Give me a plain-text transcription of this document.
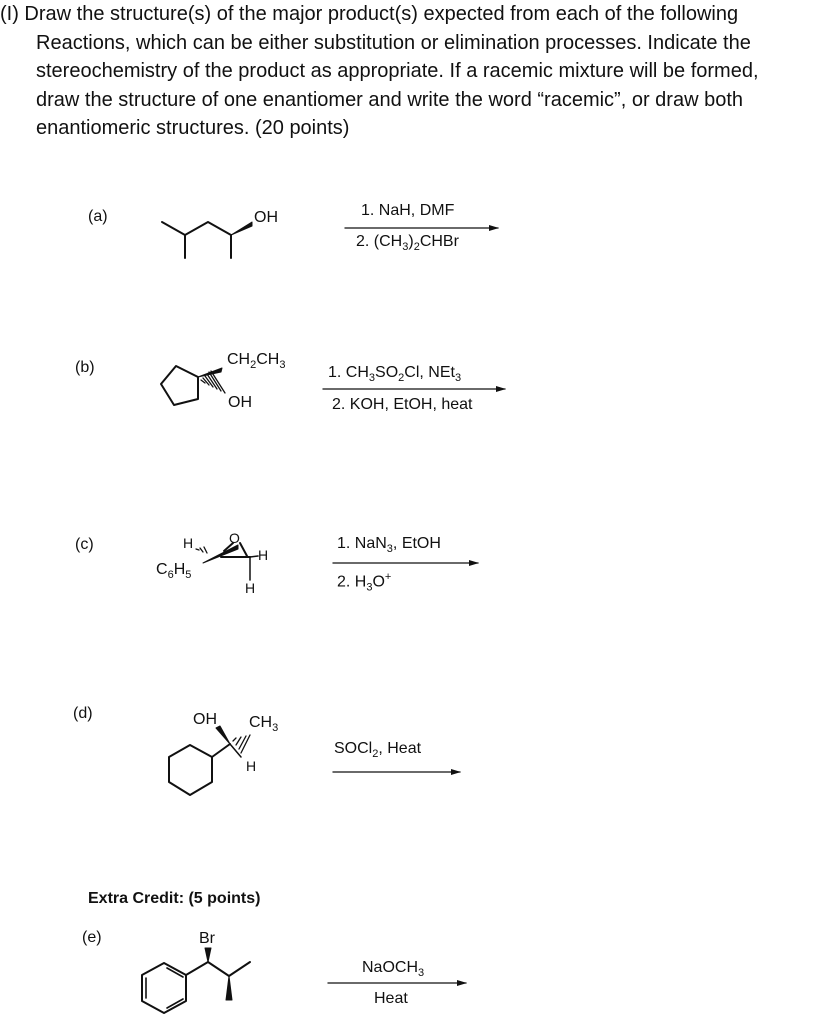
(I) Draw the structure(s) of the major product(s) expected from each of the following
Reactions, which can be either substitution or elimination processes. Indicate the
stereochemistry of the product as appropriate. If a racemic mixture will be formed,
draw the structure of one enantiomer and write the word “racemic”, or draw both
enantiomeric structures. (20 points)
(a)	OH	1. NaH, DMF
2. $(CH_3)_2CHBr$
(b)	$CH_2CH_3$
OH
1. $CH_3SO_2Cl$, NEt$_3$
2. KOH, EtOH, heat
(c)	H	O
H
$C_6H_5$
H
1. NaN$_3$, EtOH
2. $H_3O^+$
(d)	OH $CH_3$
H
SOCl$_2$, Heat
Extra Credit: (5 points)
(e)	Br
NaOCH$_3$
Heat
